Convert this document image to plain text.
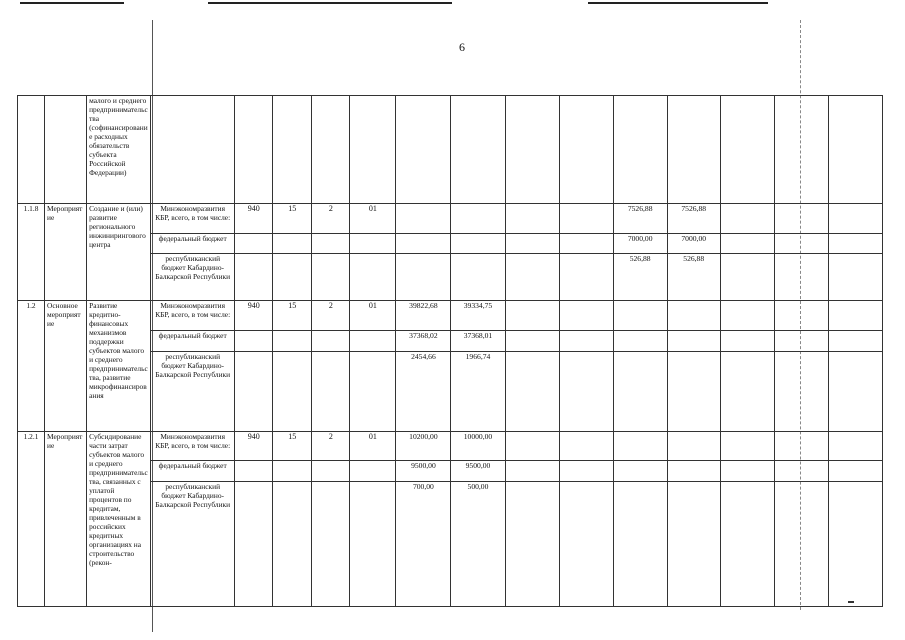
6
		малого и среднего предпринимательства (софинансирование расходных обязательств субъекта Российской Федерации)														
1.1.8	Мероприятие	Создание и (или) развитие регионального инжинирингового центра	Минэкономразвития КБР, всего, в том числе:	940	15	2	01					7526,88	7526,88			
			федеральный бюджет									7000,00	7000,00			
			республиканский бюджет Кабардино-Балкарской Республики									526,88	526,88			
1.2	Основное мероприятие	Развитие кредитно-финансовых механизмов поддержки субъектов малого и среднего предпринимательства, развитие микрофинансирования	Минэкономразвития КБР, всего, в том числе:	940	15	2	01	39822,68	39334,75							
			федеральный бюджет					37368,02	37368,01							
			республиканский бюджет Кабардино-Балкарской Республики					2454,66	1966,74							
1.2.1	Мероприятие	Субсидирование части затрат субъектов малого и среднего предпринимательства, связанных с уплатой процентов по кредитам, привлеченным в российских кредитных организациях на строительство (рекон-	Минэкономразвития КБР, всего, в том числе:	940	15	2	01	10200,00	10000,00							
			федеральный бюджет					9500,00	9500,00							
			республиканский бюджет Кабардино-Балкарской Республики					700,00	500,00							
